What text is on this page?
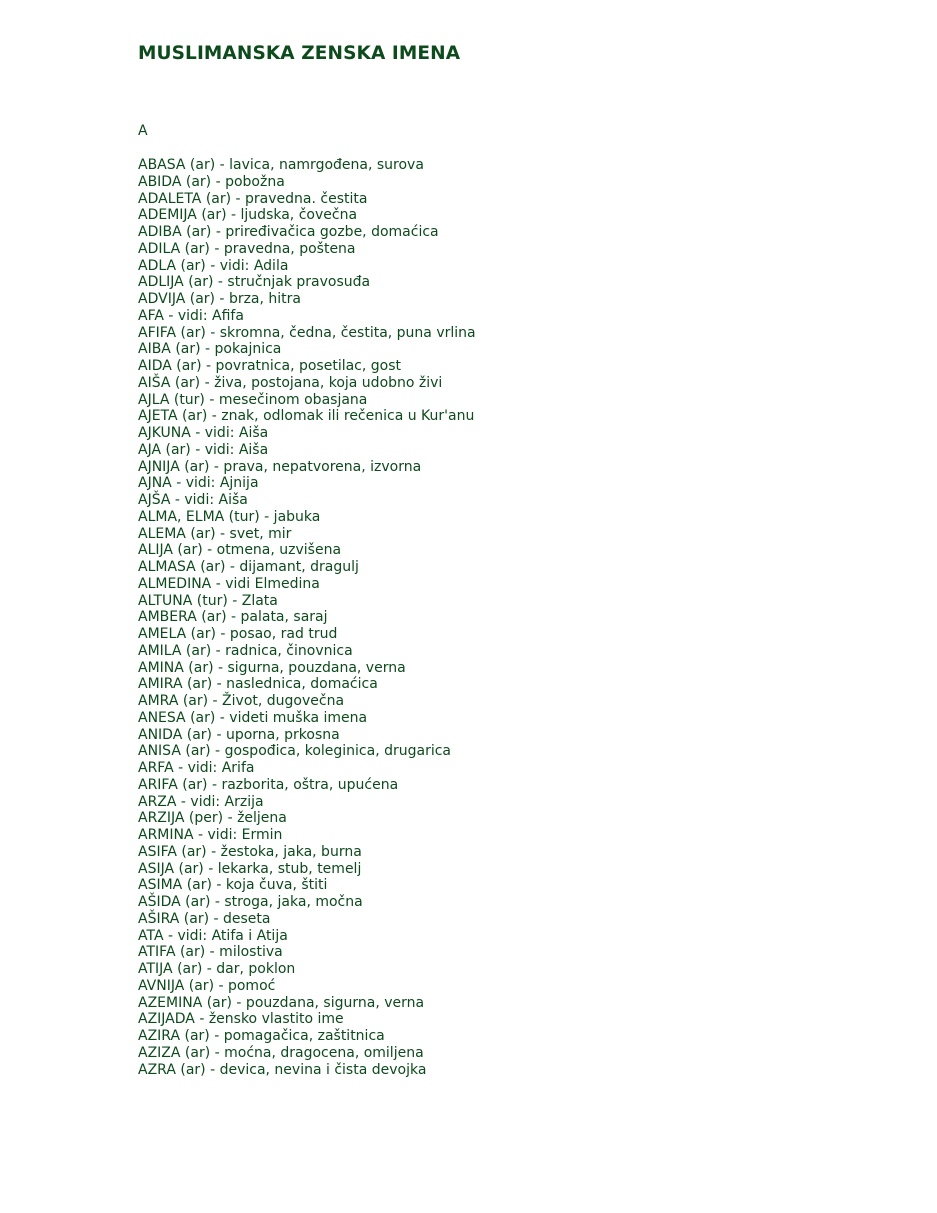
MUSLIMANSKA ZENSKA IMENA
A
ABASA (ar) - lavica, namrgođena, surova
ABIDA (ar) - pobožna
ADALETA (ar) - pravedna. čestita
ADEMIJA (ar) - ljudska, čovečna
ADIBA (ar) - priređivačica gozbe, domaćica
ADILA (ar) - pravedna, poštena
ADLA (ar) - vidi: Adila
ADLIJA (ar) - stručnjak pravosuđa
ADVIJA (ar) - brza, hitra
AFA - vidi: Afifa
AFIFA (ar) - skromna, čedna, čestita, puna vrlina
AIBA (ar) - pokajnica
AIDA (ar) - povratnica, posetilac, gost
AIŠA (ar) - živa, postojana, koja udobno živi
AJLA (tur) - mesečinom obasjana
AJETA (ar) - znak, odlomak ili rečenica u Kur'anu
AJKUNA - vidi: Aiša
AJA (ar) - vidi: Aiša
AJNIJA (ar) - prava, nepatvorena, izvorna
AJNA - vidi: Ajnija
AJŠA - vidi: Aiša
ALMA, ELMA (tur) - jabuka
ALEMA (ar) - svet, mir
ALIJA (ar) - otmena, uzvišena
ALMASA (ar) - dijamant, dragulj
ALMEDINA - vidi Elmedina
ALTUNA (tur) - Zlata
AMBERA (ar) - palata, saraj
AMELA (ar) - posao, rad trud
AMILA (ar) - radnica, činovnica
AMINA (ar) - sigurna, pouzdana, verna
AMIRA (ar) - naslednica, domaćica
AMRA (ar) - Život, dugovečna
ANESA (ar) - videti muška imena
ANIDA (ar) - uporna, prkosna
ANISA (ar) - gospođica, koleginica, drugarica
ARFA - vidi: Arifa
ARIFA (ar) - razborita, oštra, upućena
ARZA - vidi: Arzija
ARZIJA (per) - željena
ARMINA - vidi: Ermin
ASIFA (ar) - žestoka, jaka, burna
ASIJA (ar) - lekarka, stub, temelj
ASIMA (ar) - koja čuva, štiti
AŠIDA (ar) - stroga, jaka, močna
AŠIRA (ar) - deseta
ATA - vidi: Atifa i Atija
ATIFA (ar) - milostiva
ATIJA (ar) - dar, poklon
AVNIJA (ar) - pomoć
AZEMINA (ar) - pouzdana, sigurna, verna
AZIJADA - žensko vlastito ime
AZIRA (ar) - pomagačica, zaštitnica
AZIZA (ar) - moćna, dragocena, omiljena
AZRA (ar) - devica, nevina i čista devojka
